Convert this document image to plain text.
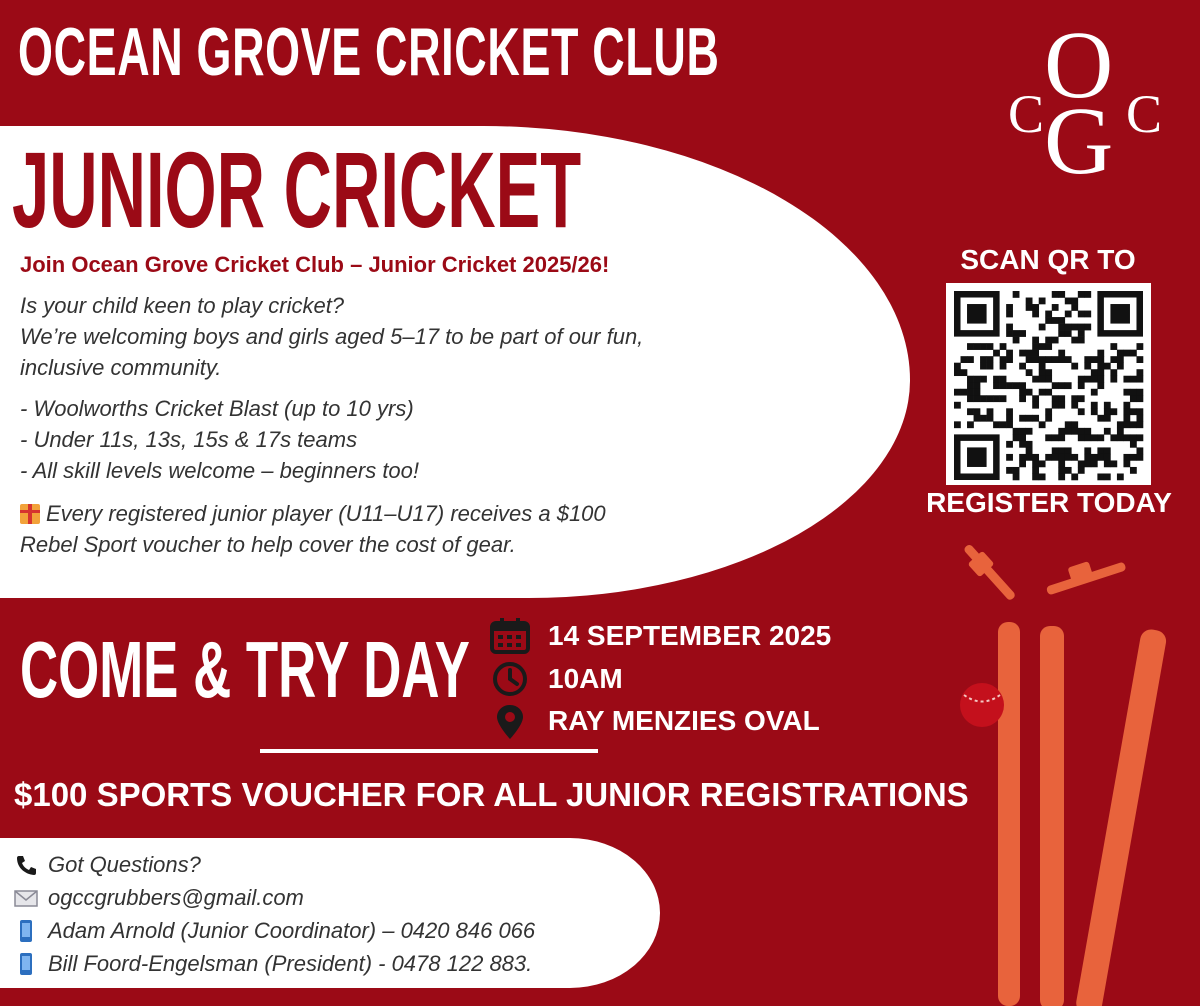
OCEAN GROVE CRICKET CLUB
C O
G C
JUNIOR CRICKET

Join Ocean Grove Cricket Club – Junior Cricket 2025/26!

Is your child keen to play cricket?

We’re welcoming boys and girls aged 5–17 to be part of our fun,

inclusive community.

- Woolworths Cricket Blast (up to 10 yrs)

- Under 11s, 13s, 15s & 17s teams

- All skill levels welcome – beginners too!

Every registered junior player (U11–U17) receives a $100

Rebel Sport voucher to help cover the cost of gear.

SCAN QR TO

REGISTER TODAY

COME & TRY DAY	14 SEPTEMBER 2025
10AM
RAY MENZIES OVAL

$100 SPORTS VOUCHER FOR ALL JUNIOR REGISTRATIONS

Got Questions?
ogccgrubbers@gmail.com
Adam Arnold (Junior Coordinator) – 0420 846 066
Bill Foord-Engelsman (President) - 0478 122 883.
